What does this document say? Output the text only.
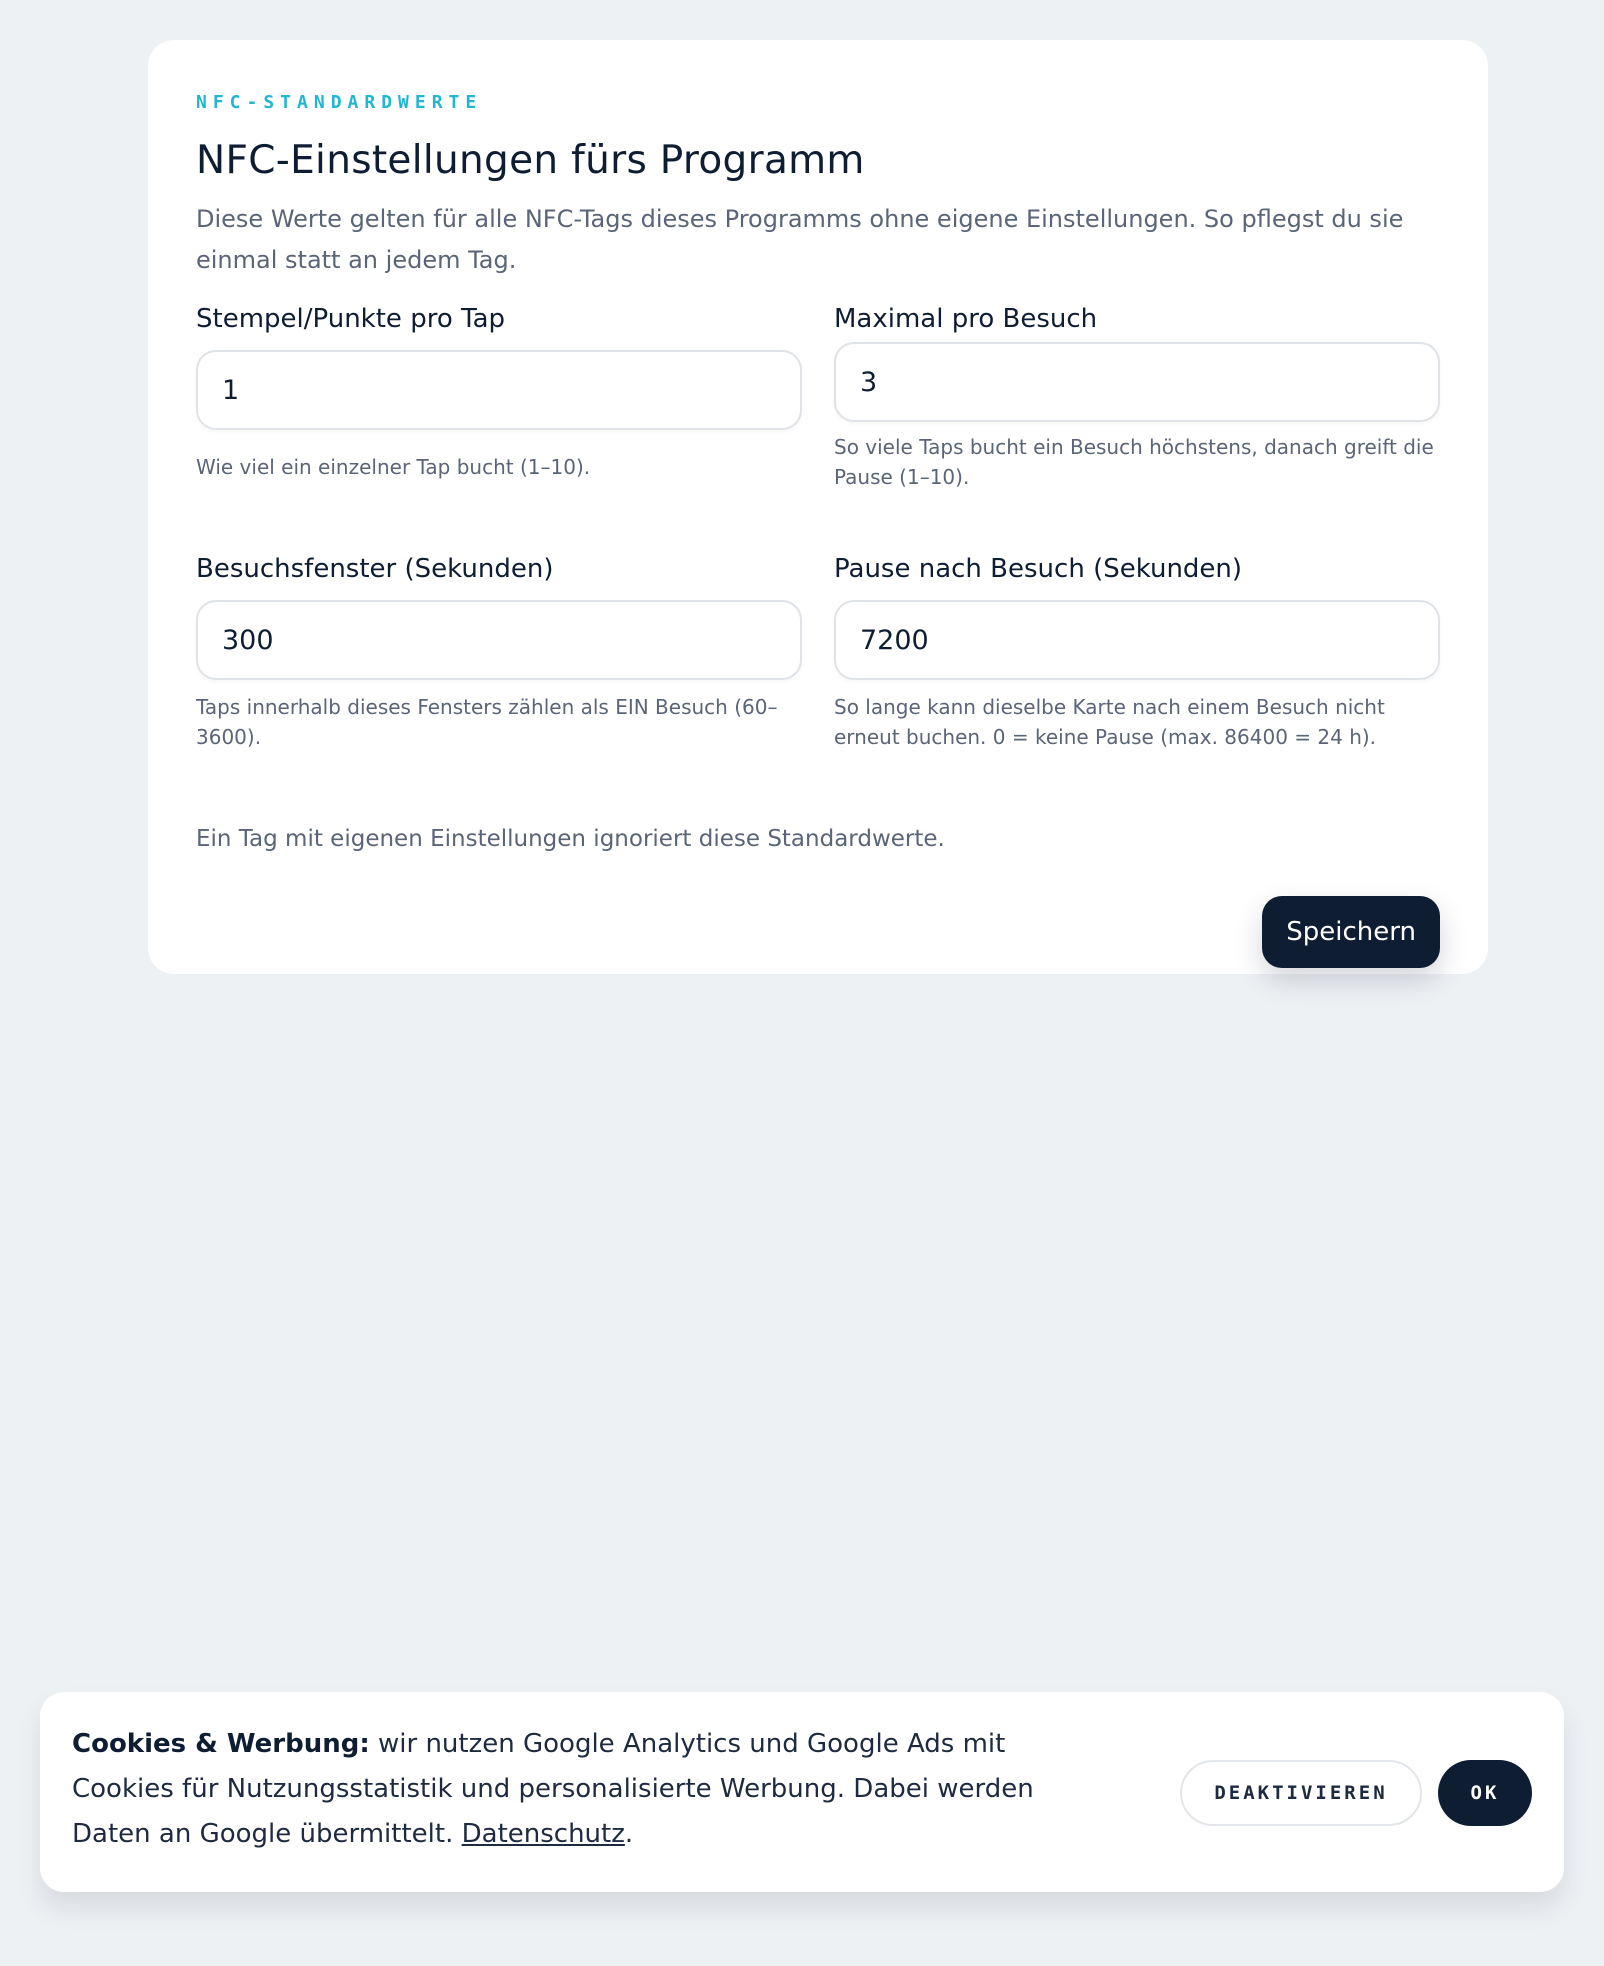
NFC-STANDARDWERTE
NFC-Einstellungen fürs Programm

Diese Werte gelten für alle NFC-Tags dieses Programms ohne eigene Einstellungen. So pflegst du sie einmal statt an jedem Tag.

Stempel/Punkte pro Tap
1
Wie viel ein einzelner Tap bucht (1–10).
Maximal pro Besuch
3
So viele Taps bucht ein Besuch höchstens, danach greift die Pause (1–10).
Besuchsfenster (Sekunden)
300
Taps innerhalb dieses Fensters zählen als EIN Besuch (60–3600).
Pause nach Besuch (Sekunden)
7200
So lange kann dieselbe Karte nach einem Besuch nicht erneut buchen. 0 = keine Pause (max. 86400 = 24 h).
Ein Tag mit eigenen Einstellungen ignoriert diese Standardwerte.
Speichern
Cookies & Werbung: wir nutzen Google Analytics und Google Ads mit Cookies für Nutzungsstatistik und personalisierte Werbung. Dabei werden Daten an Google übermittelt. Datenschutz.
DEAKTIVIEREN	OK
